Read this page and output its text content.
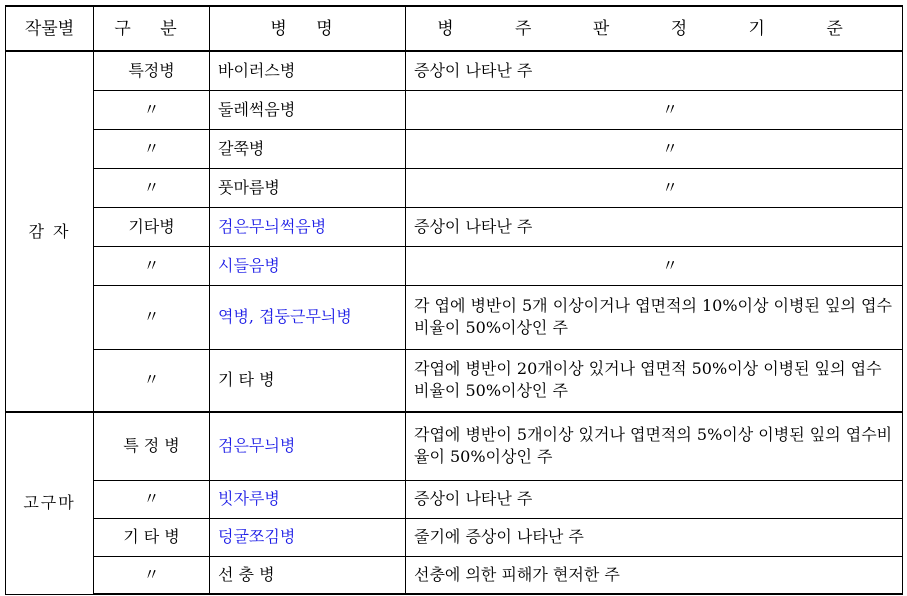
작물별	구 분	병 명	병 주 판 정 기 준
감 자	특정병	바이러스병	증상이 나타난 주
	〃	둘레썩음병	〃
	〃	갈쭉병	〃
	〃	풋마름병	〃
	기타병	검은무늬썩음병	증상이 나타난 주
	〃	시들음병	〃
	〃	역병, 겹둥근무늬병	각 엽에 병반이 5개 이상이거나 엽면적의 10%이상 이병된 잎의 엽수비율이 50%이상인 주
	〃	기 타 병	각엽에 병반이 20개이상 있거나 엽면적 50%이상 이병된 잎의 엽수비율이 50%이상인 주
고구마	특 정 병	검은무늬병	각엽에 병반이 5개이상 있거나 엽면적의 5%이상 이병된 잎의 엽수비율이 50%이상인 주
	〃	빗자루병	증상이 나타난 주
	기 타 병	덩굴쪼김병	줄기에 증상이 나타난 주
	〃	선 충 병	선충에 의한 피해가 현저한 주
